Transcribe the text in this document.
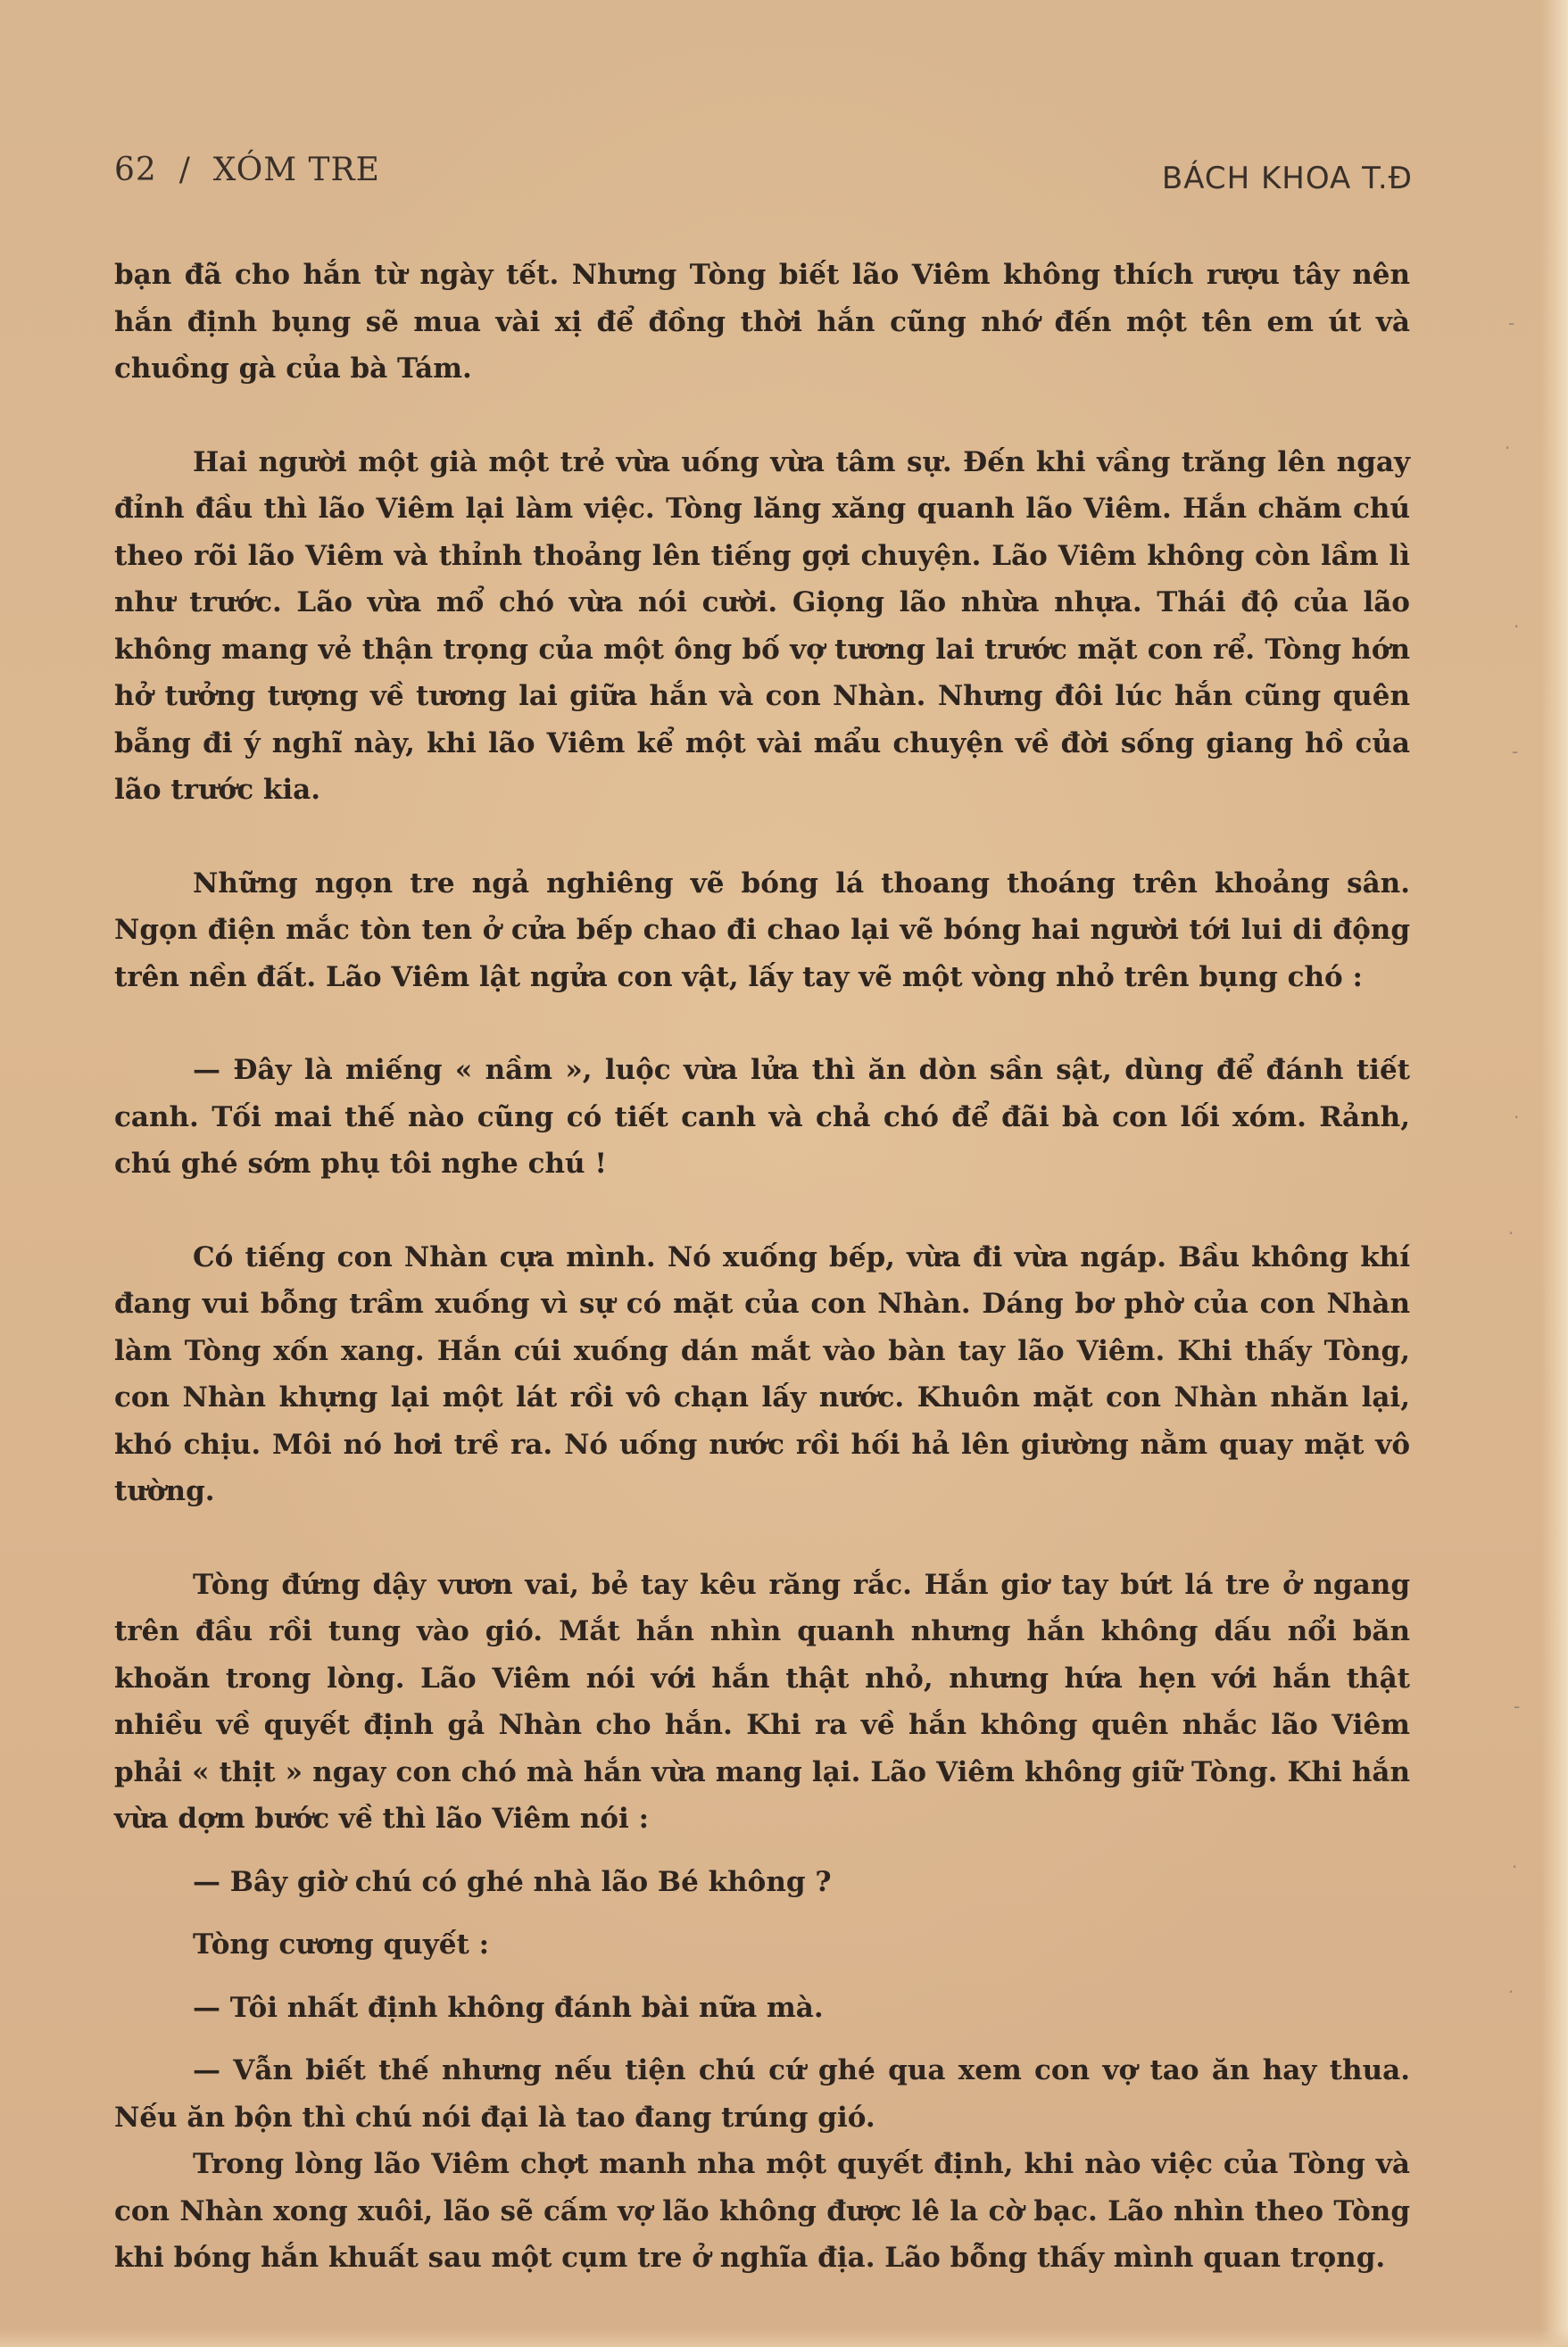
62  /  XÓM TRE	BÁCH KHOA T.Đ

bạn đã cho hắn từ ngày tết. Nhưng Tòng biết lão Viêm không thích rượu tây nên hắn định bụng sẽ mua vài xị để đồng thời hắn cũng nhớ đến một tên em út và chuồng gà của bà Tám.

Hai người một già một trẻ vừa uống vừa tâm sự. Đến khi vầng trăng lên ngay đỉnh đầu thì lão Viêm lại làm việc. Tòng lăng xăng quanh lão Viêm. Hắn chăm chú theo rõi lão Viêm và thỉnh thoảng lên tiếng gợi chuyện. Lão Viêm không còn lầm lì như trước. Lão vừa mổ chó vừa nói cười. Giọng lão nhừa nhựa. Thái độ của lão không mang vẻ thận trọng của một ông bố vợ tương lai trước mặt con rể. Tòng hớn hở tưởng tượng về tương lai giữa hắn và con Nhàn. Nhưng đôi lúc hắn cũng quên bẵng đi ý nghĩ này, khi lão Viêm kể một vài mẩu chuyện về đời sống giang hồ của lão trước kia.

Những ngọn tre ngả nghiêng vẽ bóng lá thoang thoáng trên khoảng sân. Ngọn điện mắc tòn ten ở cửa bếp chao đi chao lại vẽ bóng hai người tới lui di động trên nền đất. Lão Viêm lật ngửa con vật, lấy tay vẽ một vòng nhỏ trên bụng chó :

— Đây là miếng « nầm », luộc vừa lửa thì ăn dòn sần sật, dùng để đánh tiết canh. Tối mai thế nào cũng có tiết canh và chả chó để đãi bà con lối xóm. Rảnh, chú ghé sớm phụ tôi nghe chú !

Có tiếng con Nhàn cựa mình. Nó xuống bếp, vừa đi vừa ngáp. Bầu không khí đang vui bỗng trầm xuống vì sự có mặt của con Nhàn. Dáng bơ phờ của con Nhàn làm Tòng xốn xang. Hắn cúi xuống dán mắt vào bàn tay lão Viêm. Khi thấy Tòng, con Nhàn khựng lại một lát rồi vô chạn lấy nước. Khuôn mặt con Nhàn nhăn lại, khó chịu. Môi nó hơi trề ra. Nó uống nước rồi hối hả lên giường nằm quay mặt vô tường.

Tòng đứng dậy vươn vai, bẻ tay kêu răng rắc. Hắn giơ tay bứt lá tre ở ngang trên đầu rồi tung vào gió. Mắt hắn nhìn quanh nhưng hắn không dấu nổi băn khoăn trong lòng. Lão Viêm nói với hắn thật nhỏ, nhưng hứa hẹn với hắn thật nhiều về quyết định gả Nhàn cho hắn. Khi ra về hắn không quên nhắc lão Viêm phải « thịt » ngay con chó mà hắn vừa mang lại. Lão Viêm không giữ Tòng. Khi hắn vừa dợm bước về thì lão Viêm nói :

— Bây giờ chú có ghé nhà lão Bé không ?

Tòng cương quyết :

— Tôi nhất định không đánh bài nữa mà.

— Vẫn biết thế nhưng nếu tiện chú cứ ghé qua xem con vợ tao ăn hay thua. Nếu ăn bộn thì chú nói đại là tao đang trúng gió.

Trong lòng lão Viêm chợt manh nha một quyết định, khi nào việc của Tòng và con Nhàn xong xuôi, lão sẽ cấm vợ lão không được lê la cờ bạc. Lão nhìn theo Tòng khi bóng hắn khuất sau một cụm tre ở nghĩa địa. Lão bỗng thấy mình quan trọng.

-
·
·
-
·
·
-
·
·
